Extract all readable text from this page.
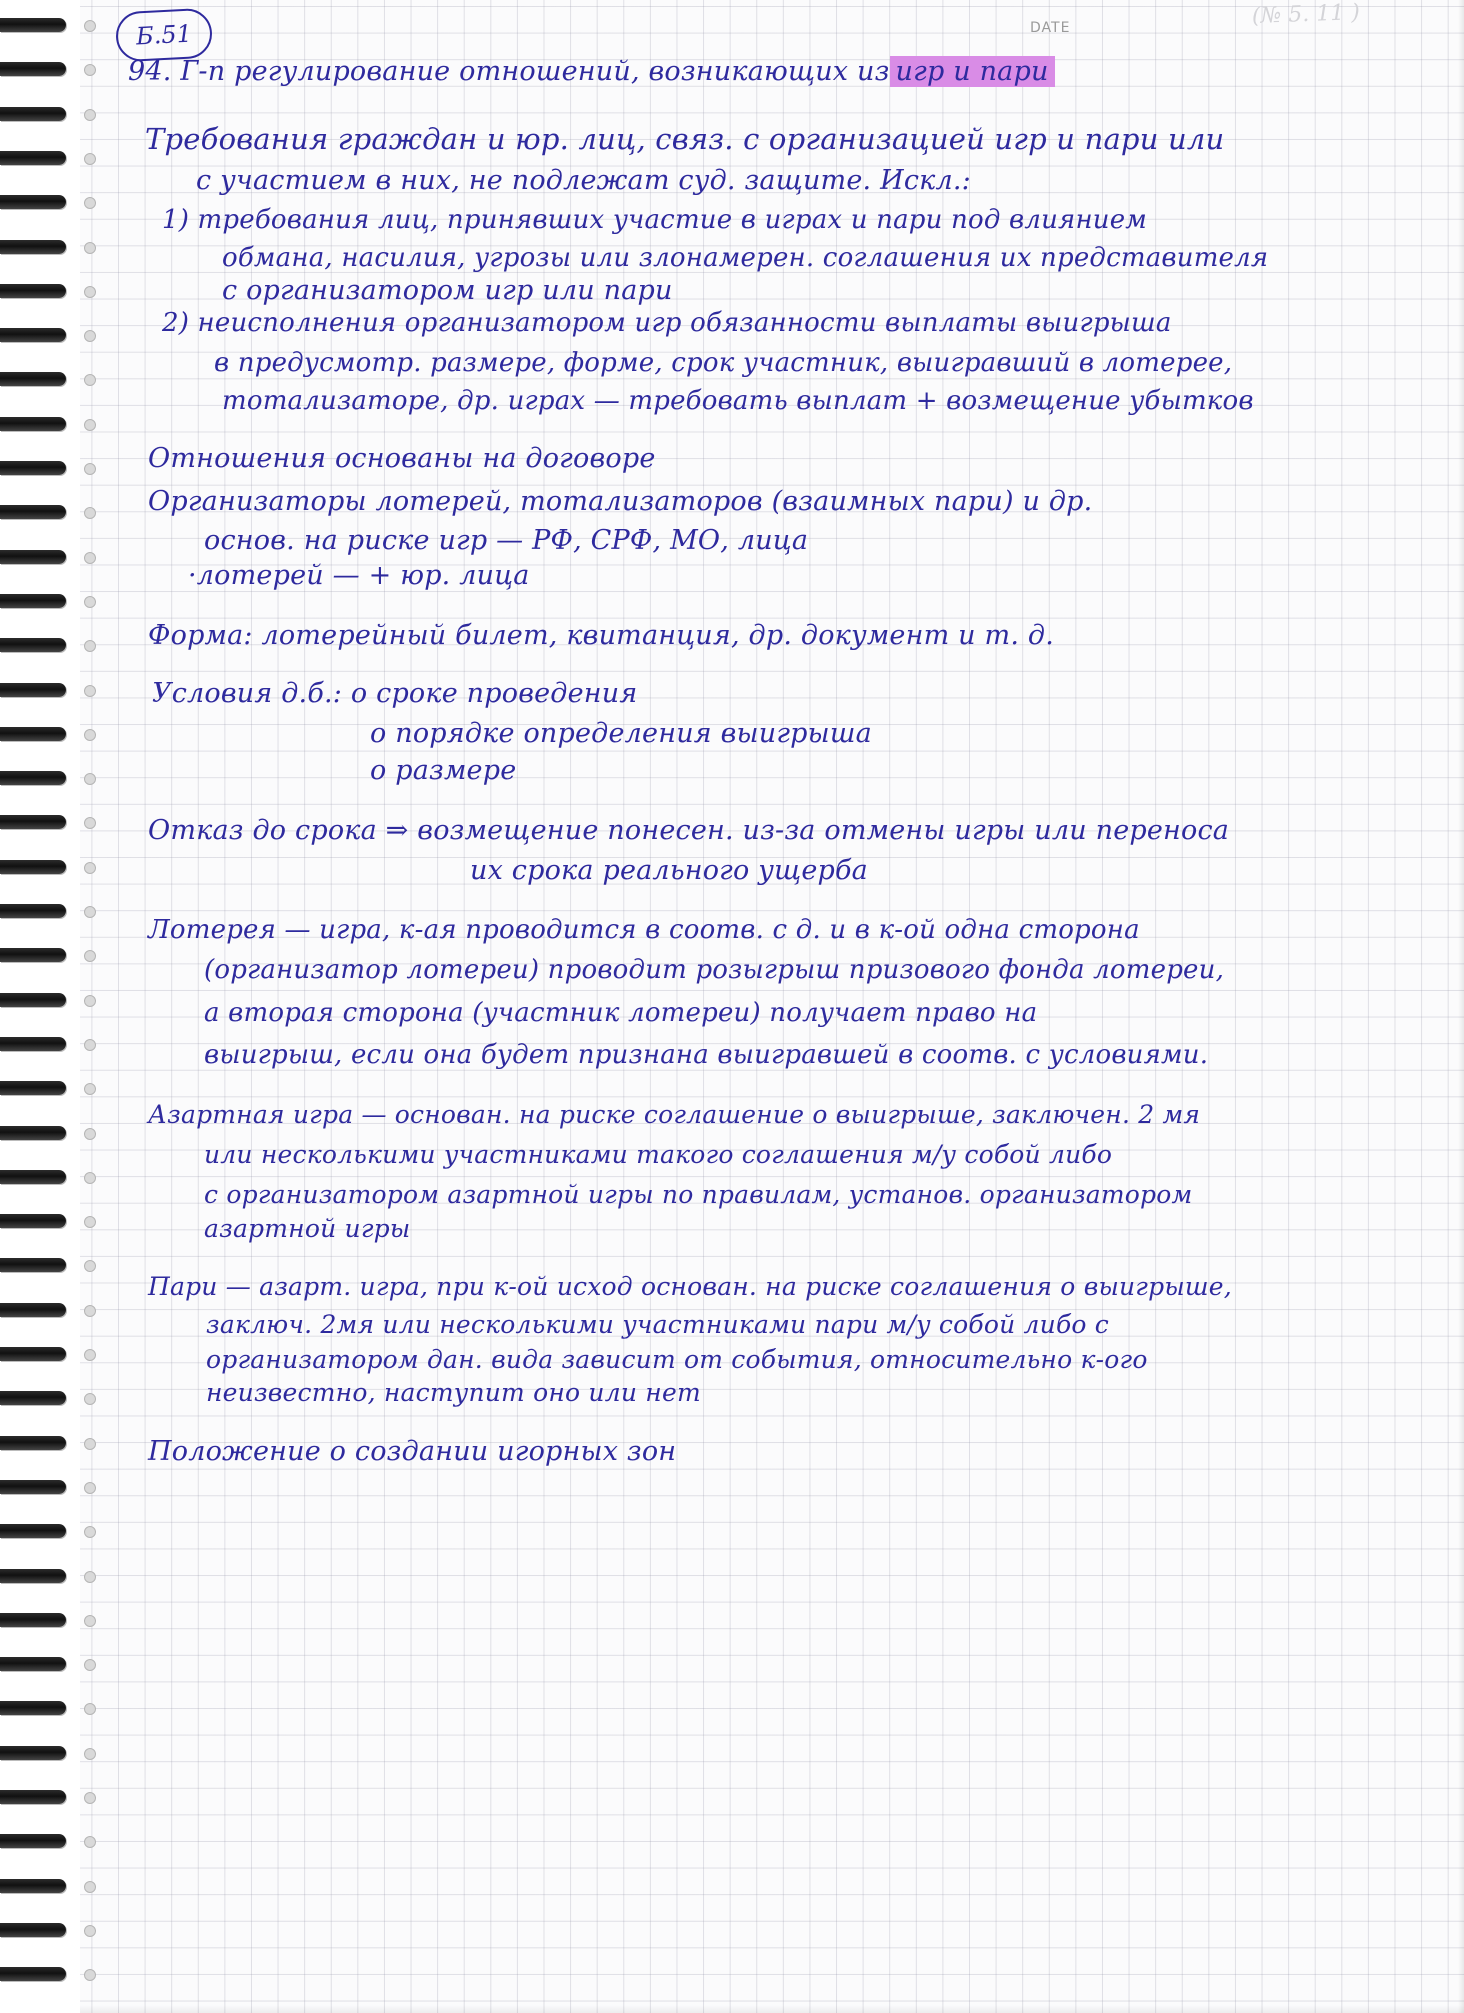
DATE	(№ 5. 11 )
Б.51
94. Г-п регулирование отношений, возникающих изигр и пари
Требования граждан и юр. лиц, связ. с организацией игр и пари или
с участием в них, не подлежат суд. защите. Искл.:
1) требования лиц, принявших участие в играх и пари под влиянием
обмана, насилия, угрозы или злонамерен. соглашения их представителя
с организатором игр или пари
2) неисполнения организатором игр обязанности выплаты выигрыша
в предусмотр. размере, форме, срок участник, выигравший в лотерее,
тотализаторе, др. играх — требовать выплат + возмещение убытков
Отношения основаны на договоре
Организаторы лотерей, тотализаторов (взаимных пари) и др.
основ. на риске игр — РФ, СРФ, МО, лица
·лотерей — + юр. лица
Форма: лотерейный билет, квитанция, др. документ и т. д.
Условия д.б.: о сроке проведения
о порядке определения выигрыша
о размере
Отказ до срока ⇒ возмещение понесен. из-за отмены игры или переноса
их срока реального ущерба
Лотерея — игра, к-ая проводится в соотв. с д. и в к-ой одна сторона
(организатор лотереи) проводит розыгрыш призового фонда лотереи,
а вторая сторона (участник лотереи) получает право на
выигрыш, если она будет признана выигравшей в соотв. с условиями.
Азартная игра — основан. на риске соглашение о выигрыше, заключен. 2 мя
или несколькими участниками такого соглашения м/у собой либо
с организатором азартной игры по правилам, установ. организатором
азартной игры
Пари — азарт. игра, при к-ой исход основан. на риске соглашения о выигрыше,
заключ. 2мя или несколькими участниками пари м/у собой либо с
организатором дан. вида зависит от события, относительно к-ого
неизвестно, наступит оно или нет
Положение о создании игорных зон
